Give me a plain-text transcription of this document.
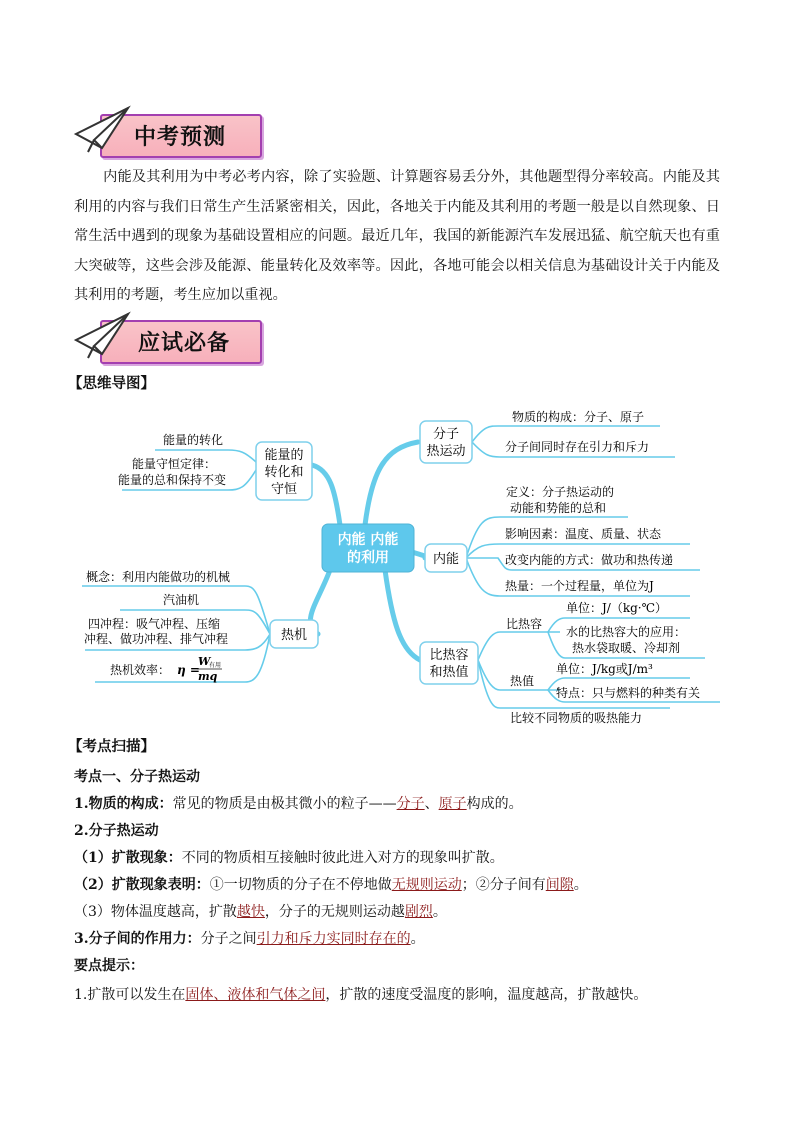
中考预测
内能及其利用为中考必考内容，除了实验题、计算题容易丢分外，其他题型得分率较高。内能及其利用的内容与我们日常生产生活紧密相关，因此，各地关于内能及其利用的考题一般是以自然现象、日常生活中遇到的现象为基础设置相应的问题。最近几年，我国的新能源汽车发展迅猛、航空航天也有重大突破等，这些会涉及能源、能量转化及效率等。因此，各地可能会以相关信息为基础设计关于内能及其利用的考题，考生应加以重视。
应试必备
【思维导图】
内能 内能
的利用
分子
热运动
物质的构成：分子、原子
分子间同时存在引力和斥力
能量的
转化和
守恒
能量的转化
能量守恒定律：
能量的总和保持不变
内能
定义：分子热运动的
动能和势能的总和
影响因素：温度、质量、状态
改变内能的方式：做功和热传递
热量：一个过程量，单位为J
热机
概念：利用内能做功的机械
汽油机
四冲程：吸气冲程、压缩
冲程、做功冲程、排气冲程
热机效率： η =
W
有用
mq
比热容
和热值
比热容
单位：J/（kg·℃）
水的比热容大的应用：
热水袋取暖、冷却剂
热值
单位：J/kg或J/m³
特点：只与燃料的种类有关
比较不同物质的吸热能力
【考点扫描】
考点一、分子热运动
1.物质的构成：常见的物质是由极其微小的粒子——分子、原子构成的。
2.分子热运动
（1）扩散现象：不同的物质相互接触时彼此进入对方的现象叫扩散。
（2）扩散现象表明：①一切物质的分子在不停地做无规则运动；②分子间有间隙。
（3）物体温度越高，扩散越快，分子的无规则运动越剧烈。
3.分子间的作用力：分子之间引力和斥力实同时存在的。
要点提示：
1.扩散可以发生在固体、液体和气体之间，扩散的速度受温度的影响，温度越高，扩散越快。
